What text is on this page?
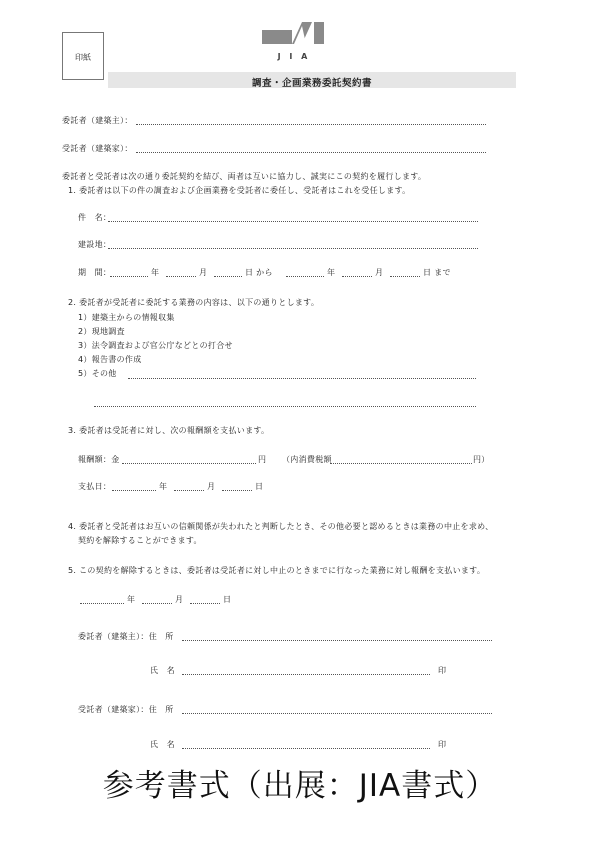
印紙	J I A
調査・企画業務委託契約書
委託者（建築主）：
受託者（建築家）：
委託者と受託者は次の通り委託契約を結び、両者は互いに協力し、誠実にこの契約を履行します。
1. 委託者は以下の件の調査および企画業務を受託者に委任し、受託者はこれを受任します。
件　名：
建設地：
期　間：	年	月	日 から	年	月	日 まで
2. 委託者が受託者に委託する業務の内容は、以下の通りとします。
1）建築主からの情報収集
2）現地調査
3）法令調査および官公庁などとの打合せ
4）報告書の作成
5）その他
3. 委託者は受託者に対し、次の報酬額を支払います。
報酬額：金	円 （内消費税額	円）
支払日：	年	月	日
4. 委託者と受託者はお互いの信頼関係が失われたと判断したとき、その他必要と認めるときは業務の中止を求め、
契約を解除することができます。
5. この契約を解除するときは、委託者は受託者に対し中止のときまでに行なった業務に対し報酬を支払います。
年	月	日
委託者（建築主）：住　所
氏　名	印
受託者（建築家）：住　所
氏　名	印
参考書式（出展：JIA書式）
